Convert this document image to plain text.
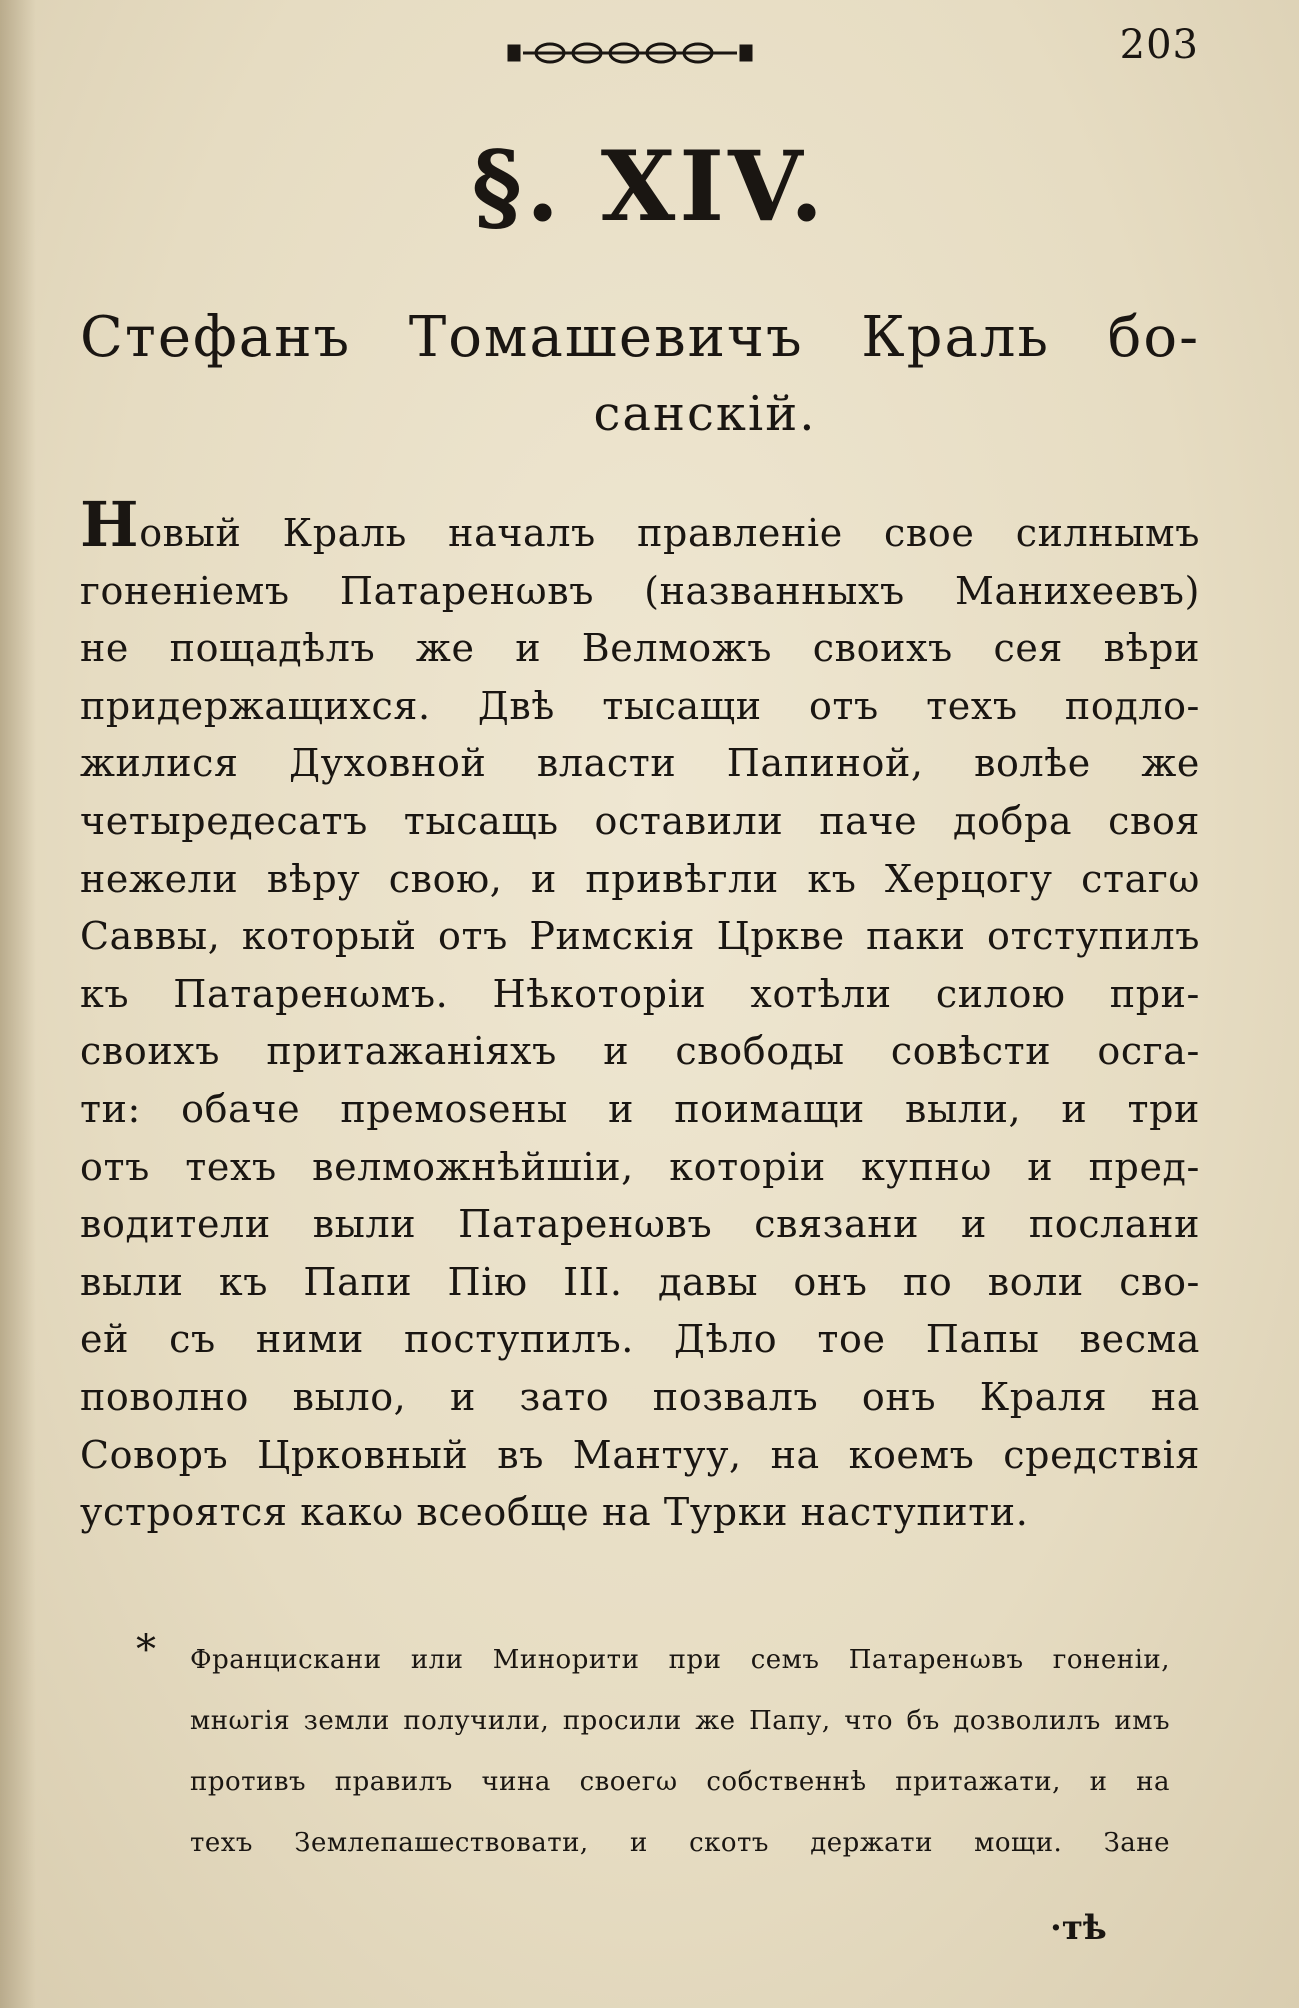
203
§. XIV.
Стефанъ Томашевичъ Краль бо-
санскій.
Новый Краль началъ правленіе свое силнымъ
гоненіемъ Патаренωвъ (названныхъ Манихеевъ)
не пощадѣлъ же и Велможъ своихъ сея вѣри
придержащихся. Двѣ тысащи отъ техъ подло-
жилися Духовной власти Папиной, волѣе же
четыредесатъ тысащь оставили паче добра своя
нежели вѣру свою, и привѣгли къ Херцогу стагω
Саввы, который отъ Римскія Цркве паки отступилъ
къ Патаренωмъ. Нѣкоторіи хотѣли силою при-
своихъ притажаніяхъ и свободы совѣсти осга-
ти: обаче премоѕены и поимащи выли, и три
отъ техъ велможнѣйшіи, которіи купнω и пред-
водители выли Патаренωвъ связани и послани
выли къ Папи Пію III. давы онъ по воли сво-
ей съ ними поступилъ. Дѣло тое Папы весма
поволно выло, и зато позвалъ онъ Краля на
Соворъ Црковный въ Мантуу, на коемъ средствія
устроятся какω всеобще на Турки наступити.
*	Францискани или Минорити при семъ Патаренωвъ гоненіи,
мнωгія земли получили, просили же Папу, что бъ дозволилъ имъ
противъ правилъ чина своегω собственнѣ притажати, и на
техъ Землепашествовати, и скотъ держати мощи. Зане
·тѣ
